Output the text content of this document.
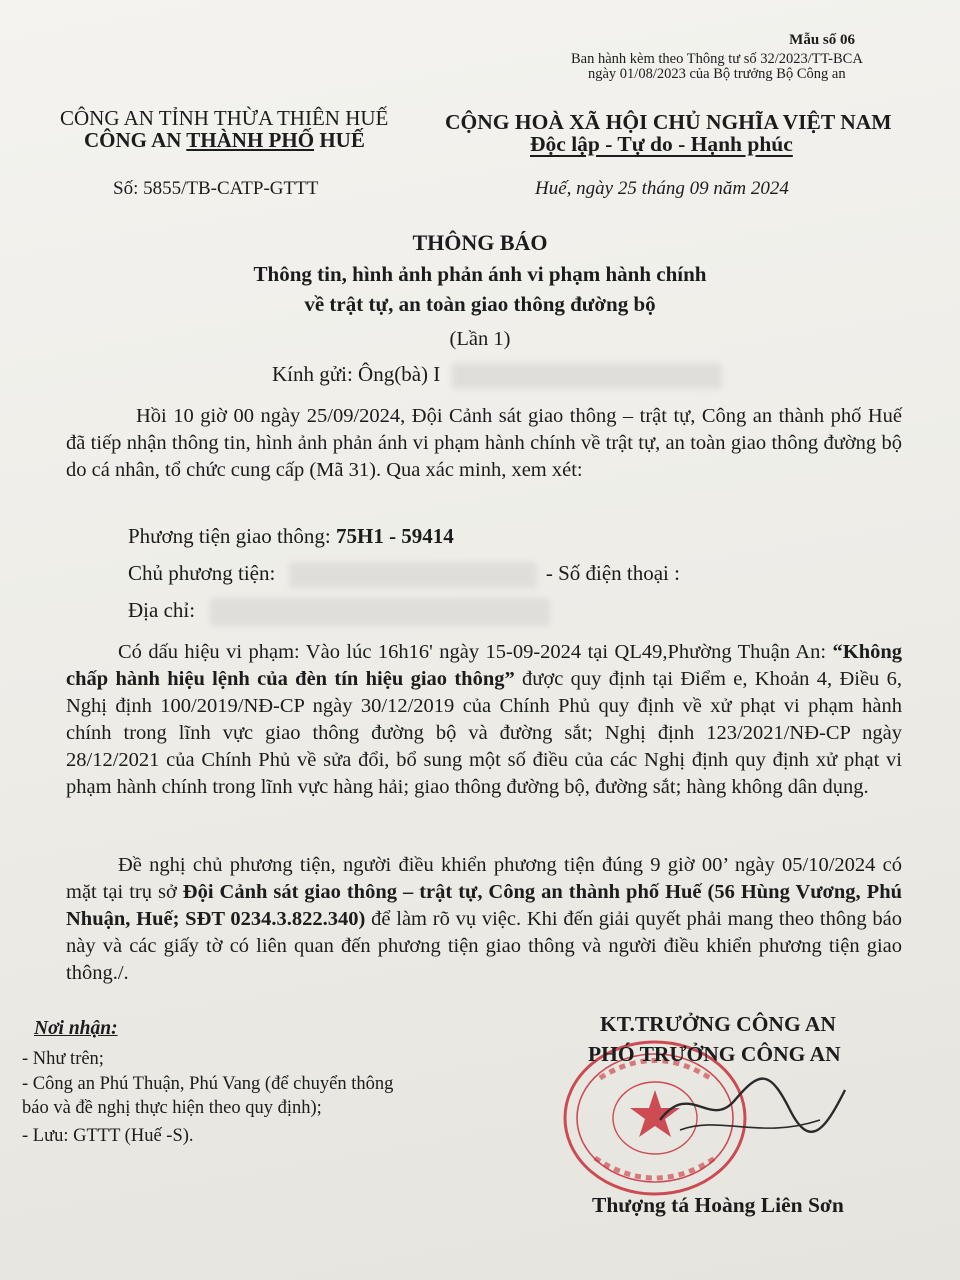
Mẫu số 06
Ban hành kèm theo Thông tư số 32/2023/TT-BCA
ngày 01/08/2023 của Bộ trưởng Bộ Công an
CÔNG AN TỈNH THỪA THIÊN HUẾ
CÔNG AN THÀNH PHỐ HUẾ
CỘNG HOÀ XÃ HỘI CHỦ NGHĨA VIỆT NAM
Độc lập - Tự do - Hạnh phúc
Số: 5855/TB-CATP-GTTT	Huế, ngày 25 tháng 09 năm 2024
THÔNG BÁO
Thông tin, hình ảnh phản ánh vi phạm hành chính
về trật tự, an toàn giao thông đường bộ
(Lần 1)
Kính gửi: Ông(bà) I
Hồi 10 giờ 00 ngày 25/09/2024, Đội Cảnh sát giao thông – trật tự, Công an thành phố Huế đã tiếp nhận thông tin, hình ảnh phản ánh vi phạm hành chính về trật tự, an toàn giao thông đường bộ do cá nhân, tổ chức cung cấp (Mã 31). Qua xác minh, xem xét:
Phương tiện giao thông: 75H1 - 59414
Chủ phương tiện:	- Số điện thoại :
Địa chỉ:
Có dấu hiệu vi phạm: Vào lúc 16h16' ngày 15-09-2024 tại QL49,Phường Thuận An: “Không chấp hành hiệu lệnh của đèn tín hiệu giao thông” được quy định tại Điểm e, Khoản 4, Điều 6, Nghị định 100/2019/NĐ-CP ngày 30/12/2019 của Chính Phủ quy định về xử phạt vi phạm hành chính trong lĩnh vực giao thông đường bộ và đường sắt; Nghị định 123/2021/NĐ-CP ngày 28/12/2021 của Chính Phủ về sửa đổi, bổ sung một số điều của các Nghị định quy định xử phạt vi phạm hành chính trong lĩnh vực hàng hải; giao thông đường bộ, đường sắt; hàng không dân dụng.
Đề nghị chủ phương tiện, người điều khiển phương tiện đúng 9 giờ 00’ ngày 05/10/2024 có mặt tại trụ sở Đội Cảnh sát giao thông – trật tự, Công an thành phố Huế (56 Hùng Vương, Phú Nhuận, Huế; SĐT 0234.3.822.340) để làm rõ vụ việc. Khi đến giải quyết phải mang theo thông báo này và các giấy tờ có liên quan đến phương tiện giao thông và người điều khiển phương tiện giao thông./.
Nơi nhận:
- Như trên;
- Công an Phú Thuận, Phú Vang (để chuyển thông
báo và đề nghị thực hiện theo quy định);
- Lưu: GTTT (Huế -S).
KT.TRƯỞNG CÔNG AN
PHÓ TRƯỞNG CÔNG AN
Thượng tá Hoàng Liên Sơn
